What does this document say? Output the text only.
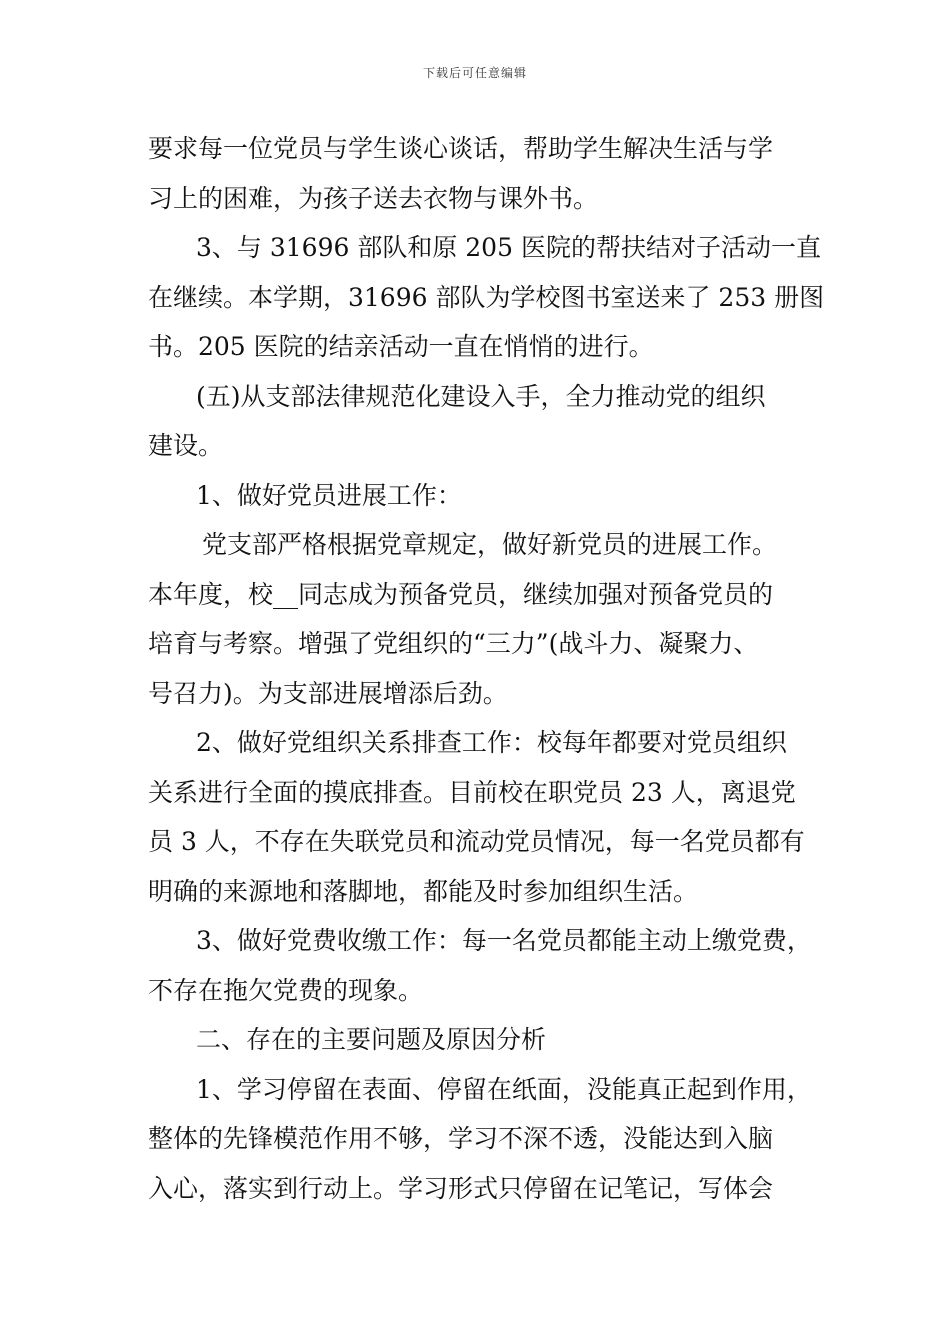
下载后可任意编辑
要求每一位党员与学生谈心谈话，帮助学生解决生活与学
习上的困难，为孩子送去衣物与课外书。
3、与 31696 部队和原 205 医院的帮扶结对子活动一直
在继续。本学期，31696 部队为学校图书室送来了 253 册图
书。205 医院的结亲活动一直在悄悄的进行。
(五)从支部法律规范化建设入手，全力推动党的组织
建设。
1、做好党员进展工作：
党支部严格根据党章规定，做好新党员的进展工作。
本年度，校__同志成为预备党员，继续加强对预备党员的
培育与考察。增强了党组织的“三力”(战斗力、凝聚力、
号召力)。为支部进展增添后劲。
2、做好党组织关系排查工作：校每年都要对党员组织
关系进行全面的摸底排查。目前校在职党员 23 人，离退党
员 3 人，不存在失联党员和流动党员情况，每一名党员都有
明确的来源地和落脚地，都能及时参加组织生活。
3、做好党费收缴工作：每一名党员都能主动上缴党费，
不存在拖欠党费的现象。
二、存在的主要问题及原因分析
1、学习停留在表面、停留在纸面，没能真正起到作用，
整体的先锋模范作用不够，学习不深不透，没能达到入脑
入心，落实到行动上。学习形式只停留在记笔记，写体会
